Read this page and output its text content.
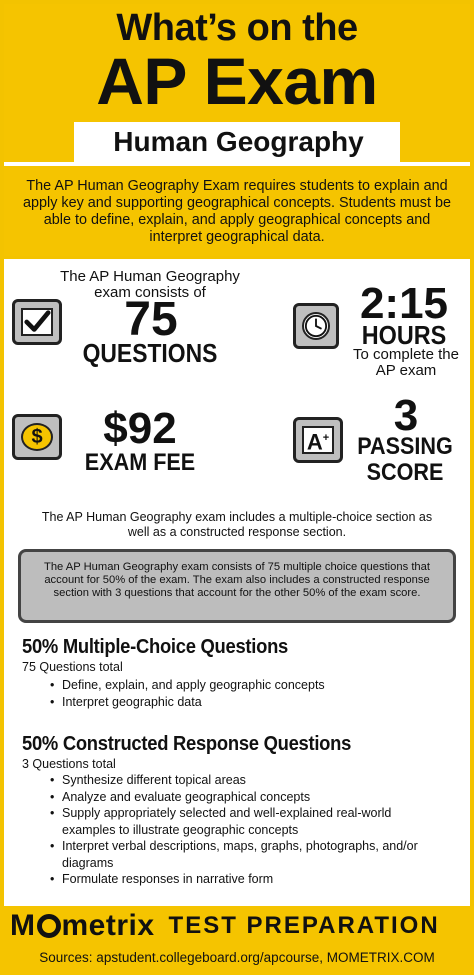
What’s on the
AP Exam
Human Geography
The AP Human Geography Exam requires students to explain and apply key and supporting geographical concepts. Students must be able to define, explain, and apply geographical concepts and interpret geographical data.
The AP Human Geography exam consists of
75
QUESTIONS
2:15
HOURS
To complete the AP exam
$	$92
EXAM FEE
A+	3
PASSING
SCORE
The AP Human Geography exam includes a multiple-choice section as well as a constructed response section.
The AP Human Geography exam consists of 75 multiple choice questions that account for 50% of the exam. The exam also includes a constructed response section with 3 questions that account for the other 50% of the exam score.
50% Multiple-Choice Questions
75 Questions total
• Define, explain, and apply geographic concepts
• Interpret geographic data
50% Constructed Response Questions
3 Questions total
• Synthesize different topical areas
• Analyze and evaluate geographical concepts
• Supply appropriately selected and well-explained real-world examples to illustrate geographic concepts
• Interpret verbal descriptions, maps, graphs, photographs, and/or diagrams
• Formulate responses in narrative form
M metrix TEST PREPARATION
Sources: apstudent.collegeboard.org/apcourse, MOMETRIX.COM
